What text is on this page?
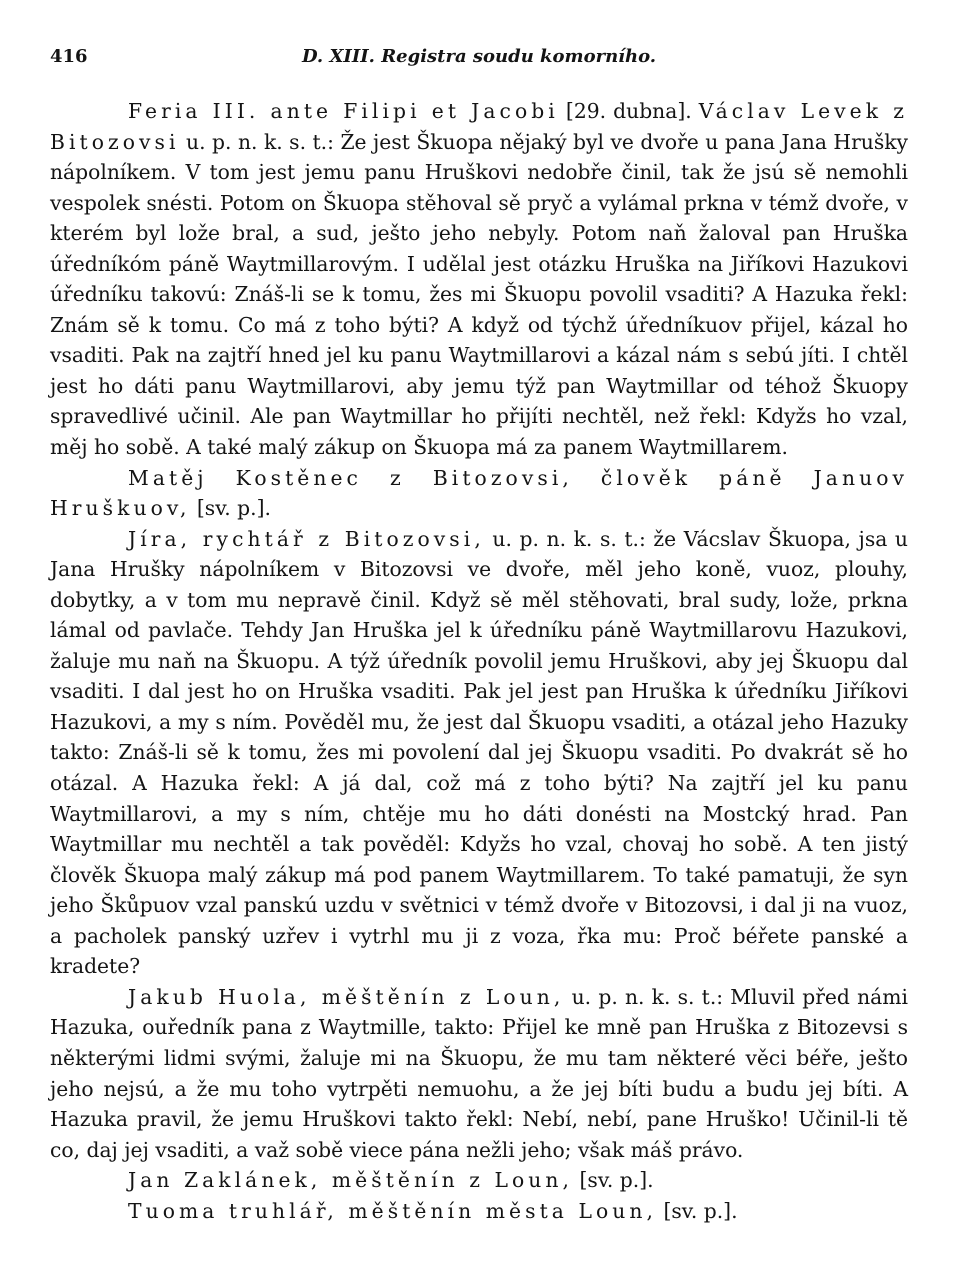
416	D. XIII. Registra soudu komorního.

Feria III. ante Filipi et Jacobi [29. dubna]. Václav Levek z Bitozovsi u. p. n. k. s. t.: Že jest Škuopa nějaký byl ve dvoře u pana Jana Hrušky nápolníkem. V tom jest jemu panu Hruškovi nedobře činil, tak že jsú sě nemohli vespolek snésti. Potom on Škuopa stěhoval sě pryč a vylámal prkna v témž dvoře, v kterém byl lože bral, a sud, ješto jeho nebyly. Potom naň žaloval pan Hruška úředníkóm páně Waytmillarovým. I udělal jest otázku Hruška na Jiříkovi Hazukovi úředníku takovú: Znáš-li se k tomu, žes mi Škuopu povolil vsaditi? A Hazuka řekl: Znám sě k tomu. Co má z toho býti? A když od týchž úředníkuov přijel, kázal ho vsaditi. Pak na zajtří hned jel ku panu Waytmillarovi a kázal nám s sebú jíti. I chtěl jest ho dáti panu Waytmillarovi, aby jemu týž pan Waytmillar od téhož Škuopy spravedlivé učinil. Ale pan Waytmillar ho přijíti nechtěl, než řekl: Kdyžs ho vzal, měj ho sobě. A také malý zákup on Škuopa má za panem Waytmillarem.

Matěj Kostěnec z Bitozovsi, člověk páně Januov Hruškuov, [sv. p.].

Jíra, rychtář z Bitozovsi, u. p. n. k. s. t.: že Vácslav Škuopa, jsa u Jana Hrušky nápolníkem v Bitozovsi ve dvoře, měl jeho koně, vuoz, plouhy, dobytky, a v tom mu nepravě činil. Když sě měl stěhovati, bral sudy, lože, prkna lámal od pavlače. Tehdy Jan Hruška jel k úředníku páně Waytmillarovu Hazukovi, žaluje mu naň na Škuopu. A týž úředník povolil jemu Hruškovi, aby jej Škuopu dal vsaditi. I dal jest ho on Hruška vsaditi. Pak jel jest pan Hruška k úředníku Jiříkovi Hazukovi, a my s ním. Pověděl mu, že jest dal Škuopu vsaditi, a otázal jeho Hazuky takto: Znáš-li sě k tomu, žes mi povolení dal jej Škuopu vsaditi. Po dvakrát sě ho otázal. A Hazuka řekl: A já dal, což má z toho býti? Na zajtří jel ku panu Waytmillarovi, a my s ním, chtěje mu ho dáti donésti na Mostcký hrad. Pan Waytmillar mu nechtěl a tak pověděl: Kdyžs ho vzal, chovaj ho sobě. A ten jistý člověk Škuopa malý zákup má pod panem Waytmillarem. To také pamatuji, že syn jeho Škůpuov vzal panskú uzdu v světnici v témž dvoře v Bitozovsi, i dal ji na vuoz, a pacholek panský uzřev i vytrhl mu ji z voza, řka mu: Proč béřete panské a kradete?

Jakub Huola, měštěnín z Loun, u. p. n. k. s. t.: Mluvil před námi Hazuka, ouředník pana z Waytmille, takto: Přijel ke mně pan Hruška z Bitozevsi s některými lidmi svými, žaluje mi na Škuopu, že mu tam některé věci béře, ješto jeho nejsú, a že mu toho vytrpěti nemuohu, a že jej bíti budu a budu jej bíti. A Hazuka pravil, že jemu Hruškovi takto řekl: Nebí, nebí, pane Hruško! Učinil-li tě co, daj jej vsaditi, a važ sobě viece pána nežli jeho; však máš právo.

Jan Zaklánek, měštěnín z Loun, [sv. p.].

Tuoma truhlář, měštěnín města Loun, [sv. p.].
